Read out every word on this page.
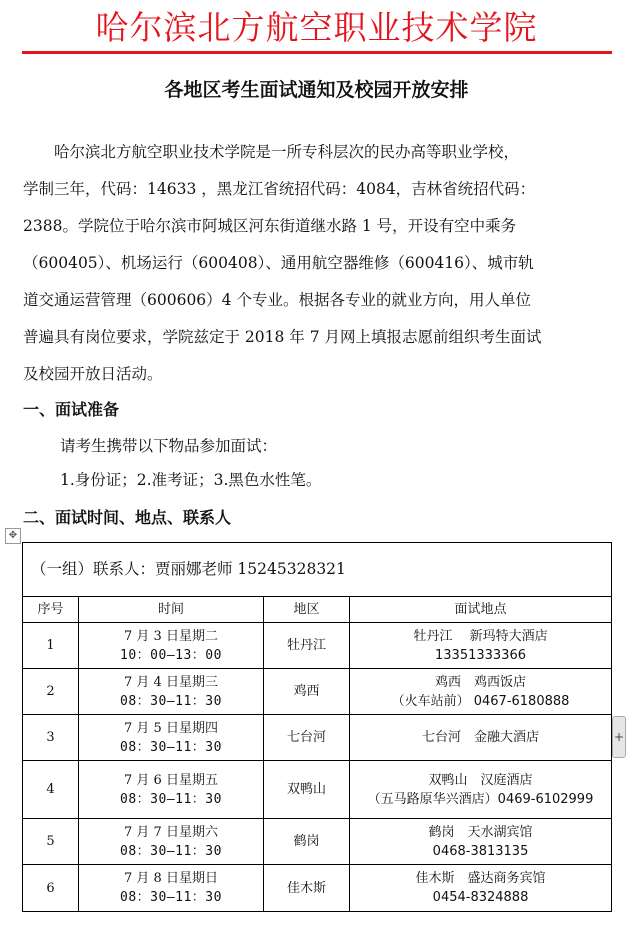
哈尔滨北方航空职业技术学院
各地区考生面试通知及校园开放安排

　　哈尔滨北方航空职业技术学院是一所专科层次的民办高等职业学校，

学制三年，代码：14633 ，黑龙江省统招代码：4084，吉林省统招代码：

2388。学院位于哈尔滨市阿城区河东街道继水路 1 号，开设有空中乘务

（600405）、机场运行（600408）、通用航空器维修（600416）、城市轨

道交通运营管理（600606）4 个专业。根据各专业的就业方向，用人单位

普遍具有岗位要求，学院兹定于 2018 年 7 月网上填报志愿前组织考生面试

及校园开放日活动。

一、面试准备
请考生携带以下物品参加面试：
1.身份证；2.准考证；3.黑色水性笔。
二、面试时间、地点、联系人
✥
+
（一组）联系人：贾丽娜老师 15245328321			
序号	时间	地区	面试地点
1	7 月 3 日星期二
10：00—13：00	牡丹江	牡丹江　 新玛特大酒店
13351333366

2	7 月 4 日星期三
08：30—11：30	鸡西	鸡西　鸡西饭店
（火车站前） 0467-6180888

3	7 月 5 日星期四
08：30—11：30	七台河	七台河　金融大酒店

4	7 月 6 日星期五
08：30—11：30	双鸭山	双鸭山　汉庭酒店
（五马路原华兴酒店）0469-6102999

5	7 月 7 日星期六
08：30—11：30	鹤岗	鹤岗　天水湖宾馆
0468-3813135

6	7 月 8 日星期日
08：30—11：30	佳木斯	佳木斯　盛达商务宾馆
0454-8324888
